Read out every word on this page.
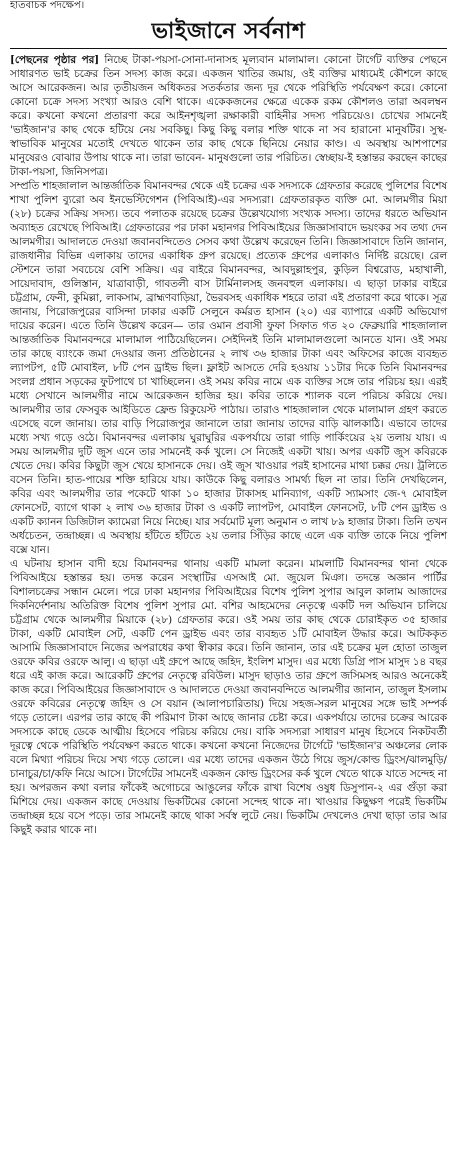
হাতবাচক পদক্ষেপ।
ভাইজানে সর্বনাশ

[পেছনের পৃষ্ঠার পর] নিচ্ছে টাকা-পয়সা-সোনা-দানাসহ মূল্যবান মালামাল। কোনো টার্গেট ব্যক্তির পেছনে সাধারণত ভাই চক্রের তিন সদস্য কাজ করে। একজন খাতির জমায়, ওই ব্যক্তির মাধ্যমেই কৌশলে কাছে আসে আরেকজন। আর তৃতীয়জন অধিকতর সতর্কতার জন্য দূর থেকে পরিস্থিতি পর্যবেক্ষণ করে। কোনো কোনো চক্রে সদস্য সংখ্যা আরও বেশি থাকে। একেকজনের ক্ষেত্রে একেক রকম কৌশলও তারা অবলম্বন করে। কখনো কখনো প্রতারণা করে আইনশৃঙ্খলা রক্ষাকারী বাহিনীর সদস্য পরিচয়েও। চোখের সামনেই 'ভাইজান'র কাছ থেকে হটিয়ে নেয় সবকিছু। কিছু কিছু বলার শক্তি থাকে না সব হারানো মানুষটির। সুস্থ-স্বাভাবিক মানুষের মতোই দেখতে থাকেন তার কাছ থেকে ছিনিয়ে নেয়ার কাণ্ড। এ অবস্থায় আশপাশের মানুষেরও বোঝার উপায় থাকে না। তারা ভাবেন- মানুষগুলো তার পরিচিত। স্বেচ্ছায়-ই হস্তান্তর করছেন কাছের টাকা-পয়সা, জিনিসপত্র।

সম্প্রতি শাহজালাল আন্তর্জাতিক বিমানবন্দর থেকে এই চক্রের এক সদস্যকে গ্রেফতার করেছে পুলিশের বিশেষ শাখা পুলিশ ব্যুরো অব ইনভেস্টিগেশন (পিবিআই)-এর সদস্যরা। গ্রেফতারকৃত ব্যক্তি মো. আলমগীর মিয়া (২৮) চক্রের সক্রিয় সদস্য। তবে পলাতক রয়েছে চক্রের উল্লেখযোগ্য সংখ্যক সদস্য। তাদের ধরতে অভিযান অব্যাহত রেখেছে পিবিআই। গ্রেফতারের পর ঢাকা মহানগর পিবিআইয়ের জিজ্ঞাসাবাদে ভয়ংকর সব তথ্য দেন আলমগীর। আদালতে দেওয়া জবানবন্দিতেও সেসব কথা উল্লেখ করেছেন তিনি। জিজ্ঞাসাবাদে তিনি জানান, রাজধানীর বিভিন্ন এলাকায় তাদের একাধিক গ্রুপ রয়েছে। প্রত্যেক গ্রুপের এলাকাও নির্দিষ্ট রয়েছে। রেল স্টেশনে তারা সবচেয়ে বেশি সক্রিয়। এর বাইরে বিমানবন্দর, আবদুল্লাহপুর, কুড়িল বিশ্বরোড, মহাখালী, সায়েদাবাদ, গুলিস্তান, যাত্রাবাড়ী, গাবতলী বাস টার্মিনালসহ জনবহুল এলাকায়। এ ছাড়া ঢাকার বাইরে চট্টগ্রাম, ফেনী, কুমিল্লা, লাকসাম, ব্রাহ্মণবাড়িয়া, ভৈরবসহ একাধিক শহরে তারা এই প্রতারণা করে থাকে। সূত্র জানায়, পিরোজপুরের বাসিন্দা ঢাকার একটি সেলুনে কর্মরত হাসান (২০) এর ব্যাপারে একটি অভিযোগ দায়ের করেন। এতে তিনি উল্লেখ করেন— তার ওমান প্রবাসী ফুফা সিফাত গত ২০ ফেব্রুয়ারি শাহজালাল আন্তর্জাতিক বিমানবন্দরে মালামাল পাঠিয়েছিলেন। সেইদিনই তিনি মালামালগুলো আনতে যান। ওই সময় তার কাছে ব্যাংকে জমা দেওয়ার জন্য প্রতিষ্ঠানের ২ লাখ ৩৬ হাজার টাকা এবং অফিসের কাজে ব্যবহৃত ল্যাপটপ, ৫টি মোবাইল, ৮টি পেন ড্রাইভ ছিল। ফ্লাইট আসতে দেরি হওয়ায় ১১টার দিকে তিনি বিমানবন্দর সংলগ্ন প্রধান সড়কের ফুটপাথে চা খাচ্ছিলেন। ওই সময় কবির নামে এক ব্যক্তির সঙ্গে তার পরিচয় হয়। এরই মধ্যে সেখানে আলমগীর নামে আরেকজন হাজির হয়। কবির তাকে শ্যালক বলে পরিচয় করিয়ে দেয়। আলমগীর তার ফেসবুক আইডিতে ফ্রেন্ড রিকুয়েস্ট পাঠায়। তারাও শাহজালাল থেকে মালামাল গ্রহণ করতে এসেছে বলে জানায়। তার বাড়ি পিরোজপুর জানালে তারা জানায় তাদের বাড়ি ঝালকাঠি। এভাবে তাদের মধ্যে সখ্য গড়ে ওঠে। বিমানবন্দর এলাকায় ঘুরাঘুরির একপর্যায়ে তারা গাড়ি পার্কিংয়ের ২য় তলায় যায়। এ সময় আলমগীর দুটি জুস এনে তার সামনেই কর্ক খুলে। সে নিজেই একটা খায়। অপর একটি জুস কবিরকে খেতে দেয়। কবির কিছুটা জুস খেয়ে হাসানকে দেয়। ওই জুস খাওয়ার পরই হাসানের মাথা চক্কর দেয়। ট্রলিতে বসেন তিনি। হাত-পায়ের শক্তি হারিয়ে যায়। কাউকে কিছু বলারও সামর্থ্য ছিল না তার। তিনি দেখছিলেন, কবির এবং আলমগীর তার পকেটে থাকা ১০ হাজার টাকাসহ মানিব্যাগ, একটি স্যামসাং জে-৭ মোবাইল ফোনসেট, ব্যাগে থাকা ২ লাখ ৩৬ হাজার টাকা ও একটি ল্যাপটপ, মোবাইল ফোনসেট, ৮টি পেন ড্রাইভ ও একটি ক্যানন ডিজিটাল ক্যামেরা নিয়ে নিচ্ছে। যার সর্বমোট মূল্য অনুমান ৩ লাখ ৮৯ হাজার টাকা। তিনি তখন অর্ধচেতন, তন্দ্রাচ্ছন্ন। এ অবস্থায় হাঁটতে হাঁটতে ২য় তলার সিঁড়ির কাছে এলে এক ব্যক্তি তাকে নিয়ে পুলিশ বক্সে যান।

এ ঘটনায় হাসান বাদী হয়ে বিমানবন্দর থানায় একটি মামলা করেন। মামলাটি বিমানবন্দর থানা থেকে পিবিআইয়ে হস্তান্তর হয়। তদন্ত করেন সংস্থাটির এসআই মো. জুয়েল মিঞা। তদন্তে অজ্ঞান পার্টির বিশালচক্রের সন্ধান মেলে। পরে ঢাকা মহানগর পিবিআইয়ের বিশেষ পুলিশ সুপার আবুল কালাম আজাদের দিকনির্দেশনায় অতিরিক্ত বিশেষ পুলিশ সুপার মো. বশির আহমেদের নেতৃত্বে একটি দল অভিযান চালিয়ে চট্টগ্রাম থেকে আলমগীর মিয়াকে (২৮) গ্রেফতার করে। ওই সময় তার কাছ থেকে চোরাইকৃত ৩৫ হাজার টাকা, একটি মোবাইল সেট, একটি পেন ড্রাইভ এবং তার ব্যবহৃত ১টি মোবাইল উদ্ধার করে। আটককৃত আসামি জিজ্ঞাসাবাদে নিজের অপরাধের কথা স্বীকার করে। তিনি জানান, তার এই চক্রের মূল হোতা তাজুল ওরফে কবির ওরফে আলু। এ ছাড়া এই গ্রুপে আছে জহিদ, ইংলিশ মাসুদ। এর মধ্যে ডিগ্রি পাস মাসুদ ১৪ বছর ধরে এই কাজ করে। আরেকটি গ্রুপের নেতৃত্বে রবিউল। মাসুদ ছাড়াও তার গ্রুপে জসিমসহ আরও অনেকেই কাজ করে। পিবিআইয়ের জিজ্ঞাসাবাদে ও আদালতে দেওয়া জবানবন্দিতে আলমগীর জানান, তাজুল ইসলাম ওরফে কবিরের নেতৃত্বে জহিদ ও সে বয়ান (আলাপচারিতায়) দিয়ে সহজ-সরল মানুষের সঙ্গে ভাই সম্পর্ক গড়ে তোলে। এরপর তার কাছে কী পরিমাণ টাকা আছে জানার চেষ্টা করে। একপর্যায়ে তাদের চক্রের আরেক সদস্যকে কাছে ডেকে আত্মীয় হিসেবে পরিচয় করিয়ে দেয়। বাকি সদস্যরা সাধারণ মানুষ হিসেবে নিকটবর্তী দূরত্বে থেকে পরিস্থিতি পর্যবেক্ষণ করতে থাকে। কখনো কখনো নিজেদের টার্গেটে 'ভাইজান'র অঞ্চলের লোক বলে মিথ্যা পরিচয় দিয়ে সখ্য গড়ে তোলে। এর মধ্যে তাদের একজন উঠে গিয়ে জুস/কোল্ড ড্রিংস/ঝালমুড়ি/চানাচুর/চা/কফি নিয়ে আসে। টার্গেটের সামনেই একজন কোল্ড ড্রিংসের কর্ক খুলে খেতে থাকে যাতে সন্দেহ না হয়। অপরজন কথা বলার ফাঁকেই অগোচরে আঙুলের ফাঁকে রাখা বিশেষ ওষুধ ডিসুপান-২ এর গুঁড়া করা মিশিয়ে দেয়। একজন কাছে দেওয়ায় ভিকটিমের কোনো সন্দেহ থাকে না। খাওয়ার কিছুক্ষণ পরেই ভিকটিম তন্দ্রাচ্ছন্ন হয়ে বসে পড়ে। তার সামনেই কাছে থাকা সর্বস্ব লুটে নেয়। ভিকটিম দেখলেও দেখা ছাড়া তার আর কিছুই করার থাকে না।
